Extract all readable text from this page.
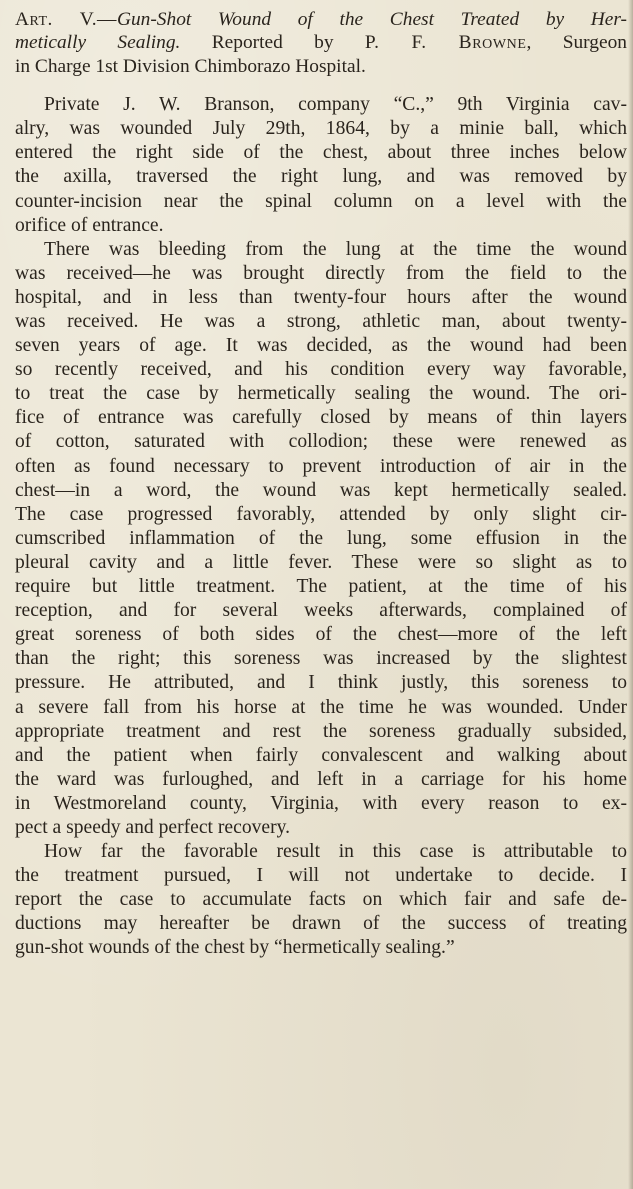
Art. V.—Gun-Shot Wound of the Chest Treated by Her-
metically Sealing. Reported by P. F. Browne, Surgeon
in Charge 1st Division Chimborazo Hospital.
Private J. W. Branson, company “C.,” 9th Virginia cav-
alry, was wounded July 29th, 1864, by a minie ball, which
entered the right side of the chest, about three inches below
the axilla, traversed the right lung, and was removed by
counter-incision near the spinal column on a level with the
orifice of entrance.
There was bleeding from the lung at the time the wound
was received—he was brought directly from the field to the
hospital, and in less than twenty-four hours after the wound
was received. He was a strong, athletic man, about twenty-
seven years of age. It was decided, as the wound had been
so recently received, and his condition every way favorable,
to treat the case by hermetically sealing the wound. The ori-
fice of entrance was carefully closed by means of thin layers
of cotton, saturated with collodion; these were renewed as
often as found necessary to prevent introduction of air in the
chest—in a word, the wound was kept hermetically sealed.
The case progressed favorably, attended by only slight cir-
cumscribed inflammation of the lung, some effusion in the
pleural cavity and a little fever. These were so slight as to
require but little treatment. The patient, at the time of his
reception, and for several weeks afterwards, complained of
great soreness of both sides of the chest—more of the left
than the right; this soreness was increased by the slightest
pressure. He attributed, and I think justly, this soreness to
a severe fall from his horse at the time he was wounded. Under
appropriate treatment and rest the soreness gradually subsided,
and the patient when fairly convalescent and walking about
the ward was furloughed, and left in a carriage for his home
in Westmoreland county, Virginia, with every reason to ex-
pect a speedy and perfect recovery.
How far the favorable result in this case is attributable to
the treatment pursued, I will not undertake to decide. I
report the case to accumulate facts on which fair and safe de-
ductions may hereafter be drawn of the success of treating
gun-shot wounds of the chest by “hermetically sealing.”
